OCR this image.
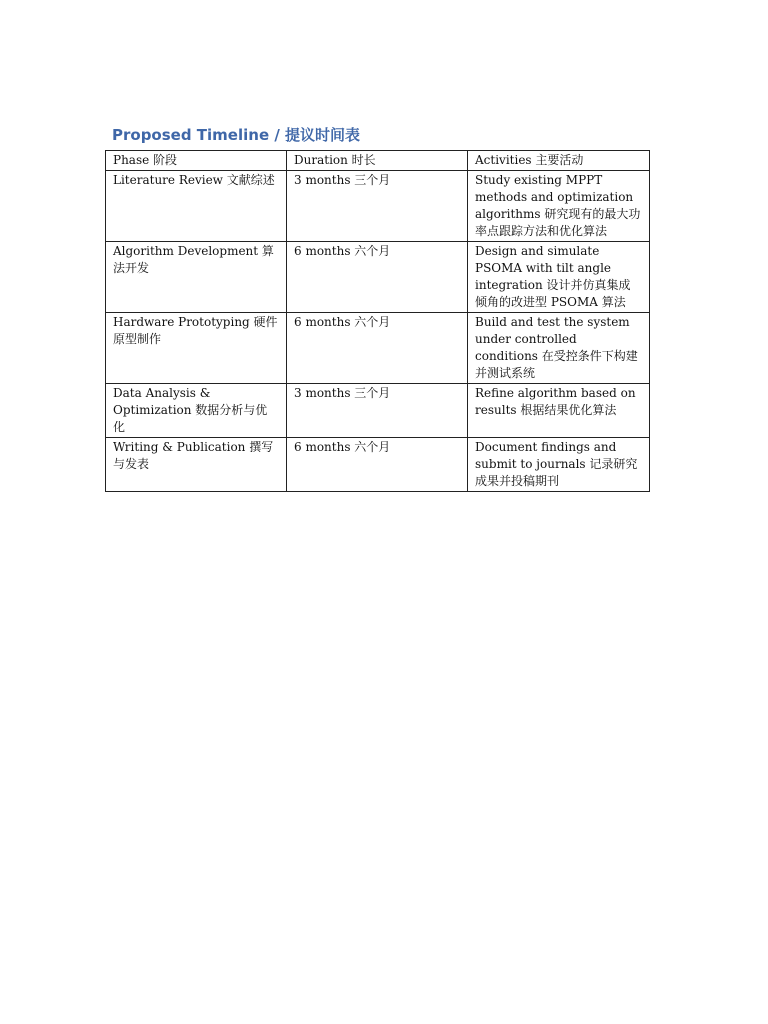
Proposed Timeline / 提议时间表
Phase 阶段	Duration 时长	Activities 主要活动
Literature Review 文献综述	3 months 三个月	Study existing MPPT methods and optimization algorithms 研究现有的最大功率点跟踪方法和优化算法
Algorithm Development 算法开发	6 months 六个月	Design and simulate PSOMA with tilt angle integration 设计并仿真集成倾角的改进型 PSOMA 算法
Hardware Prototyping 硬件原型制作	6 months 六个月	Build and test the system under controlled conditions 在受控条件下构建并测试系统
Data Analysis & Optimization 数据分析与优化	3 months 三个月	Refine algorithm based on results 根据结果优化算法
Writing & Publication 撰写与发表	6 months 六个月	Document findings and submit to journals 记录研究成果并投稿期刊
